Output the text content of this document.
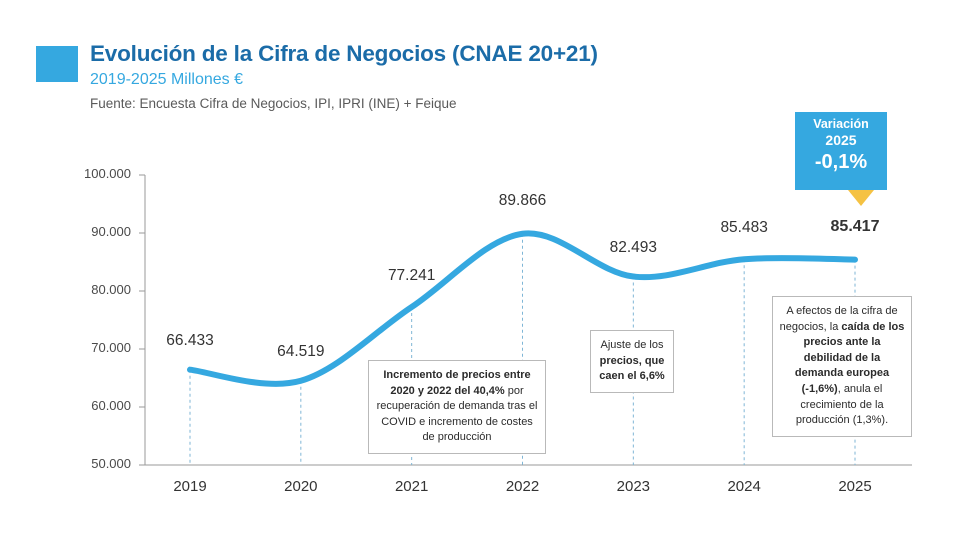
Evolución de la Cifra de Negocios (CNAE 20+21)
2019-2025 Millones €
Fuente: Encuesta Cifra de Negocios, IPI, IPRI (INE) + Feique
Variación
2025
-0,1%
50.000
60.000
70.000
80.000
90.000
100.000
2019	2020	2021	2022	2023	2024	2025
66.433
64.519
77.241
89.866
82.493
85.483	85.417
Incremento de precios entre 2020 y 2022 del 40,4% por recuperación de demanda tras el COVID e incremento de costes de producción
Ajuste de los precios, que caen el 6,6%
A efectos de la cifra de negocios, la caída de los precios ante la debilidad de la demanda europea (-1,6%), anula el crecimiento de la producción (1,3%).
